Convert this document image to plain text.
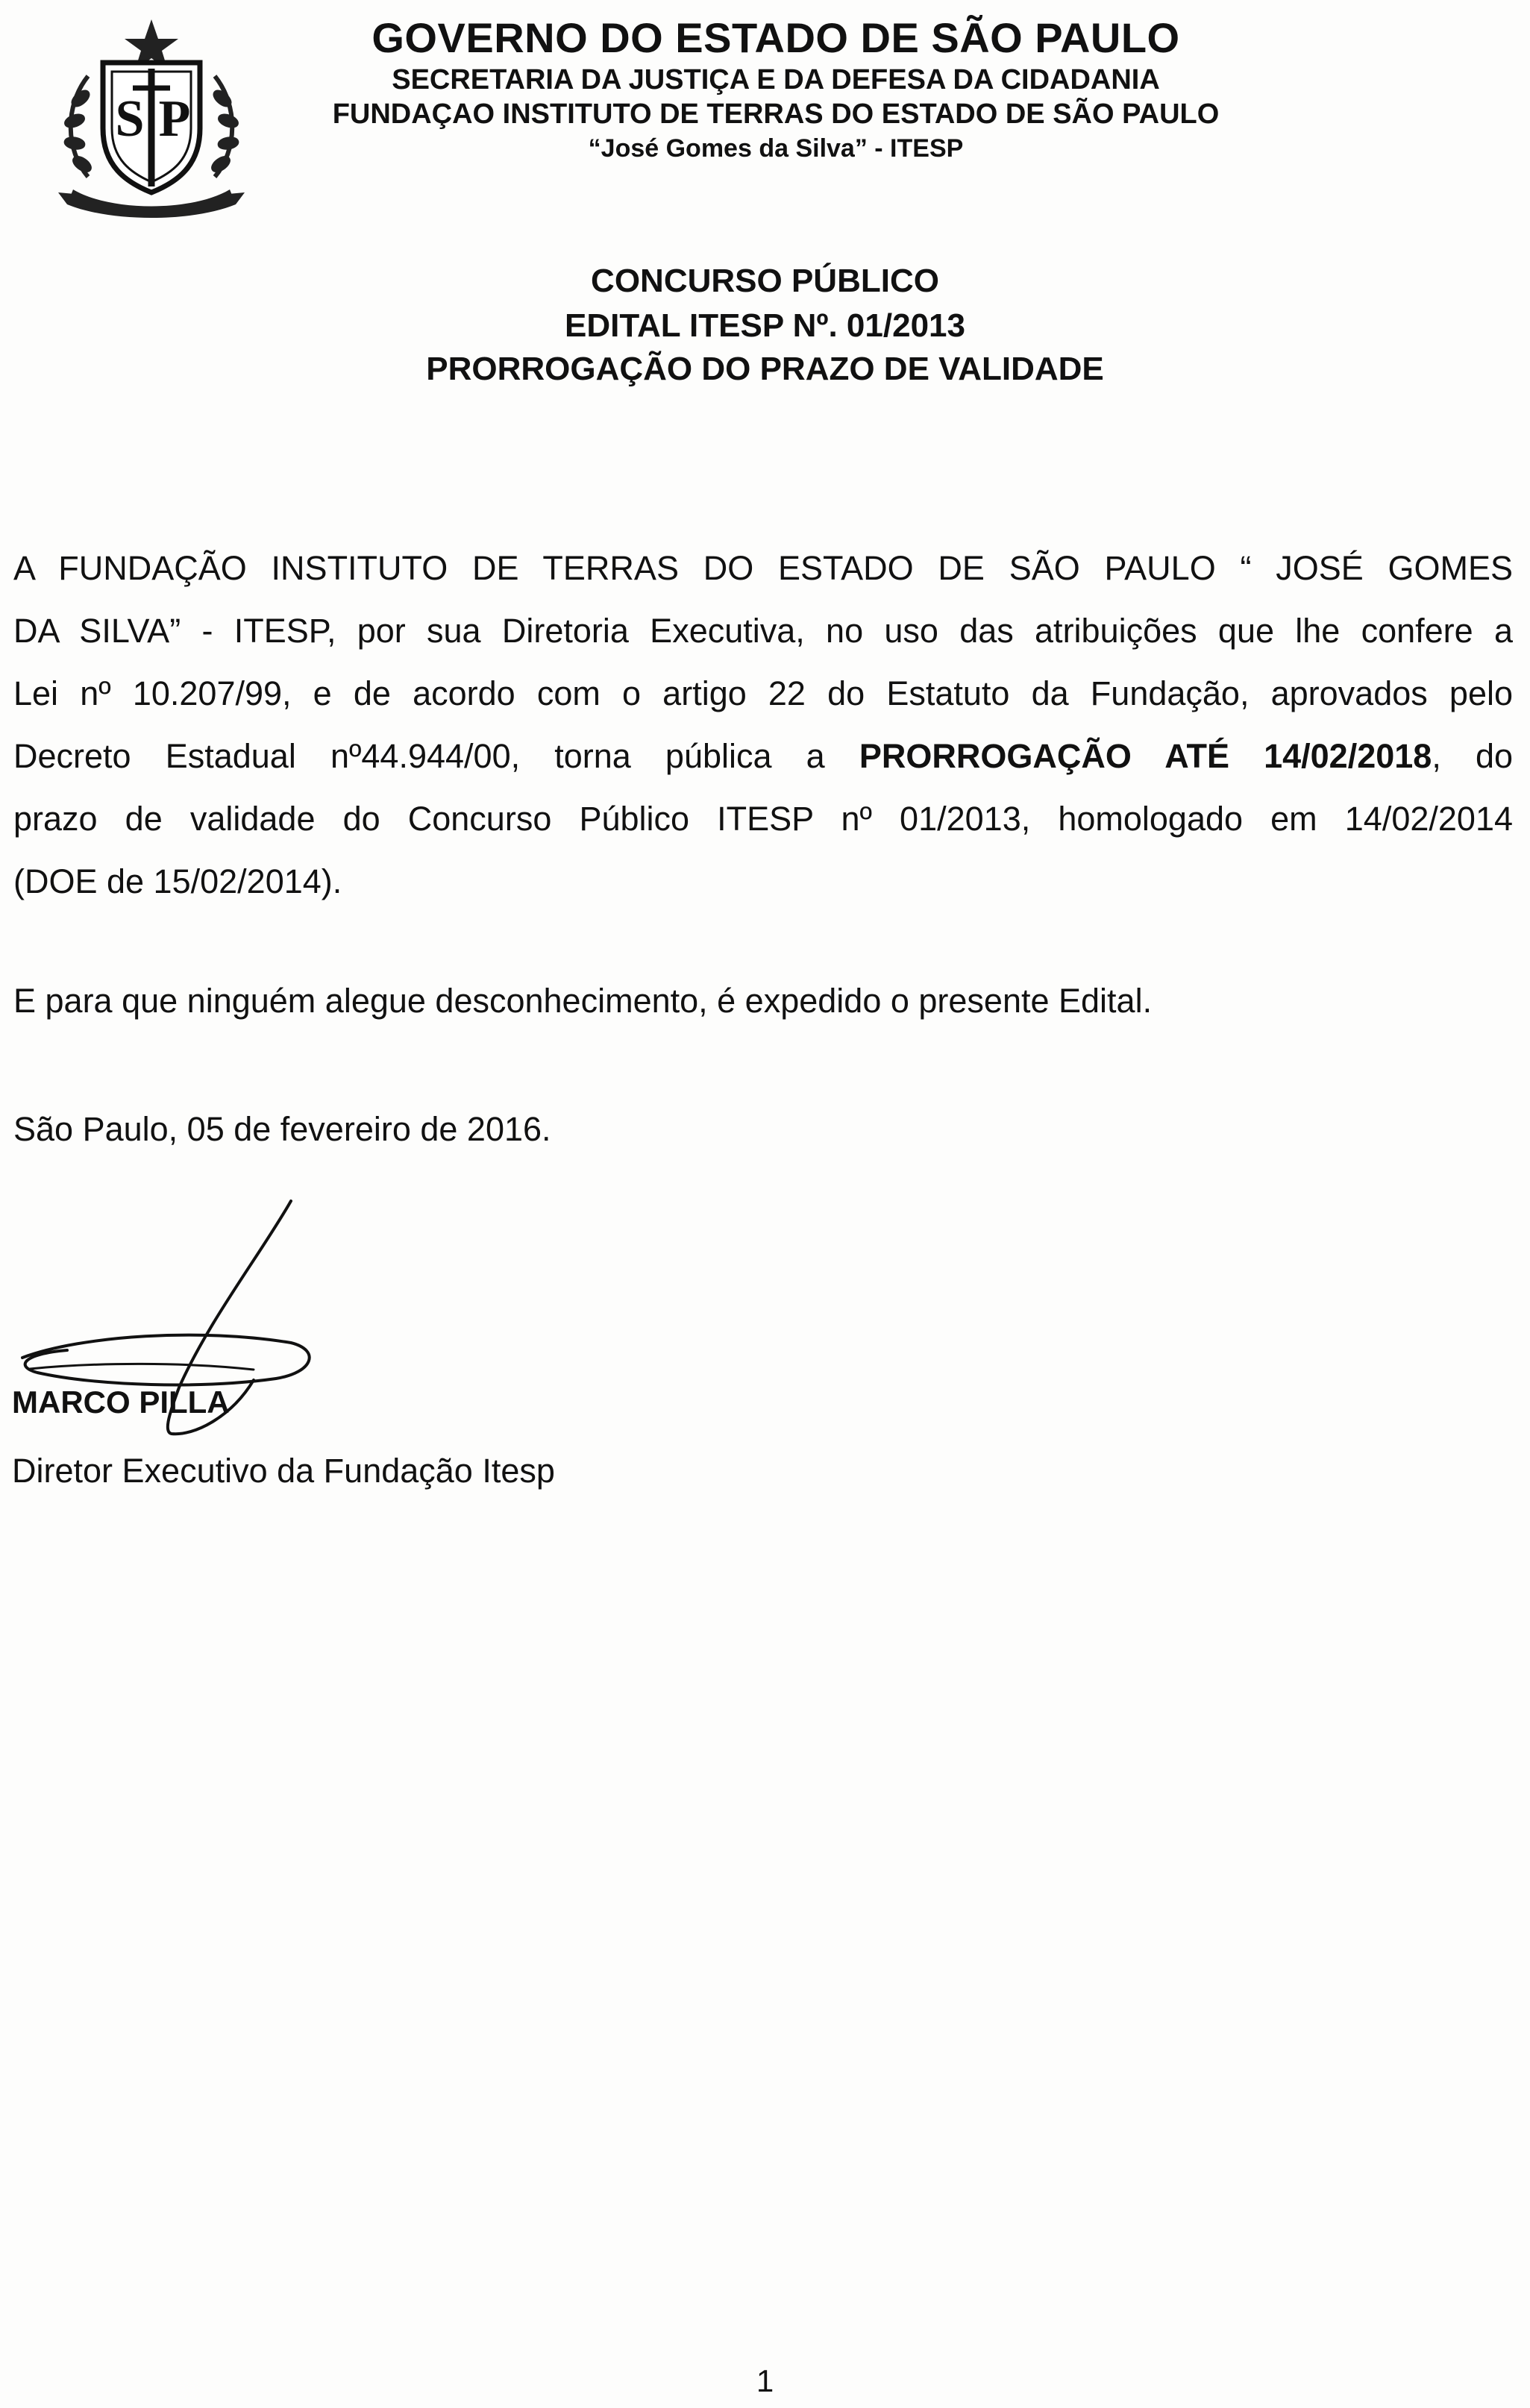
S P
GOVERNO DO ESTADO DE SÃO PAULO
SECRETARIA DA JUSTIÇA E DA DEFESA DA CIDADANIA
FUNDAÇAO INSTITUTO DE TERRAS DO ESTADO DE SÃO PAULO
“José Gomes da Silva” - ITESP
CONCURSO PÚBLICO
EDITAL ITESP Nº. 01/2013
PRORROGAÇÃO DO PRAZO DE VALIDADE
A FUNDAÇÃO INSTITUTO DE TERRAS DO ESTADO DE SÃO PAULO “ JOSÉ GOMES
DA SILVA” - ITESP, por sua Diretoria Executiva, no uso das atribuições que lhe confere a
Lei nº 10.207/99, e de acordo com o artigo 22 do Estatuto da Fundação, aprovados pelo
Decreto Estadual nº44.944/00, torna pública a PRORROGAÇÃO ATÉ 14/02/2018, do
prazo de validade do Concurso Público ITESP nº 01/2013, homologado em 14/02/2014
(DOE de 15/02/2014).
E para que ninguém alegue desconhecimento, é expedido o presente Edital.
São Paulo, 05 de fevereiro de 2016.
MARCO PILLA
Diretor Executivo da Fundação Itesp
1
